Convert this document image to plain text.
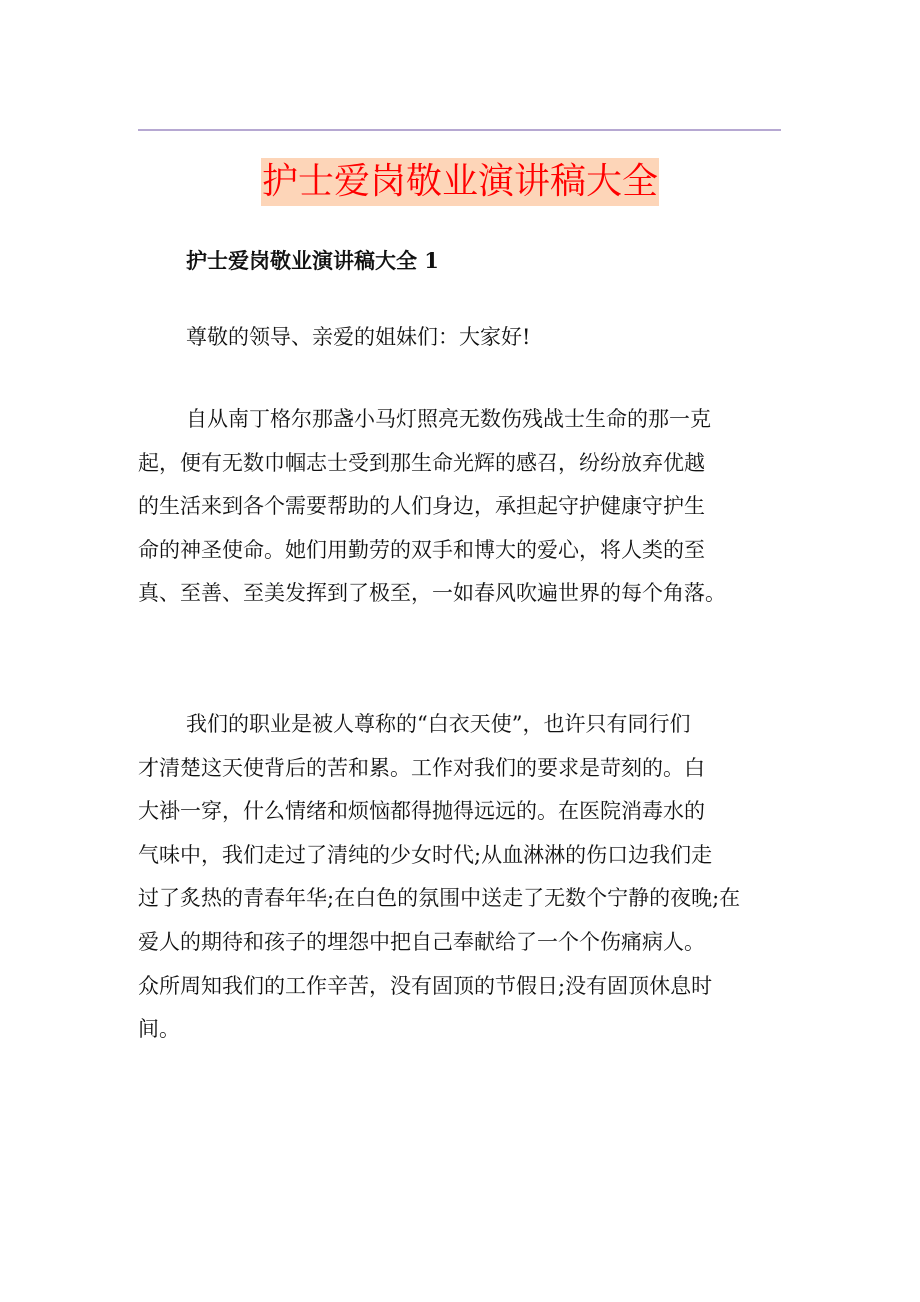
护士爱岗敬业演讲稿大全
护士爱岗敬业演讲稿大全 1

尊敬的领导、亲爱的姐妹们：大家好!

自从南丁格尔那盏小马灯照亮无数伤残战士生命的那一克
起，便有无数巾帼志士受到那生命光辉的感召，纷纷放弃优越
的生活来到各个需要帮助的人们身边，承担起守护健康守护生
命的神圣使命。她们用勤劳的双手和博大的爱心，将人类的至
真、至善、至美发挥到了极至，一如春风吹遍世界的每个角落。

我们的职业是被人尊称的“白衣天使”，也许只有同行们
才清楚这天使背后的苦和累。工作对我们的要求是苛刻的。白
大褂一穿，什么情绪和烦恼都得抛得远远的。在医院消毒水的
气味中，我们走过了清纯的少女时代;从血淋淋的伤口边我们走
过了炙热的青春年华;在白色的氛围中送走了无数个宁静的夜晚;在
爱人的期待和孩子的埋怨中把自己奉献给了一个个伤痛病人。
众所周知我们的工作辛苦，没有固顶的节假日;没有固顶休息时
间。
